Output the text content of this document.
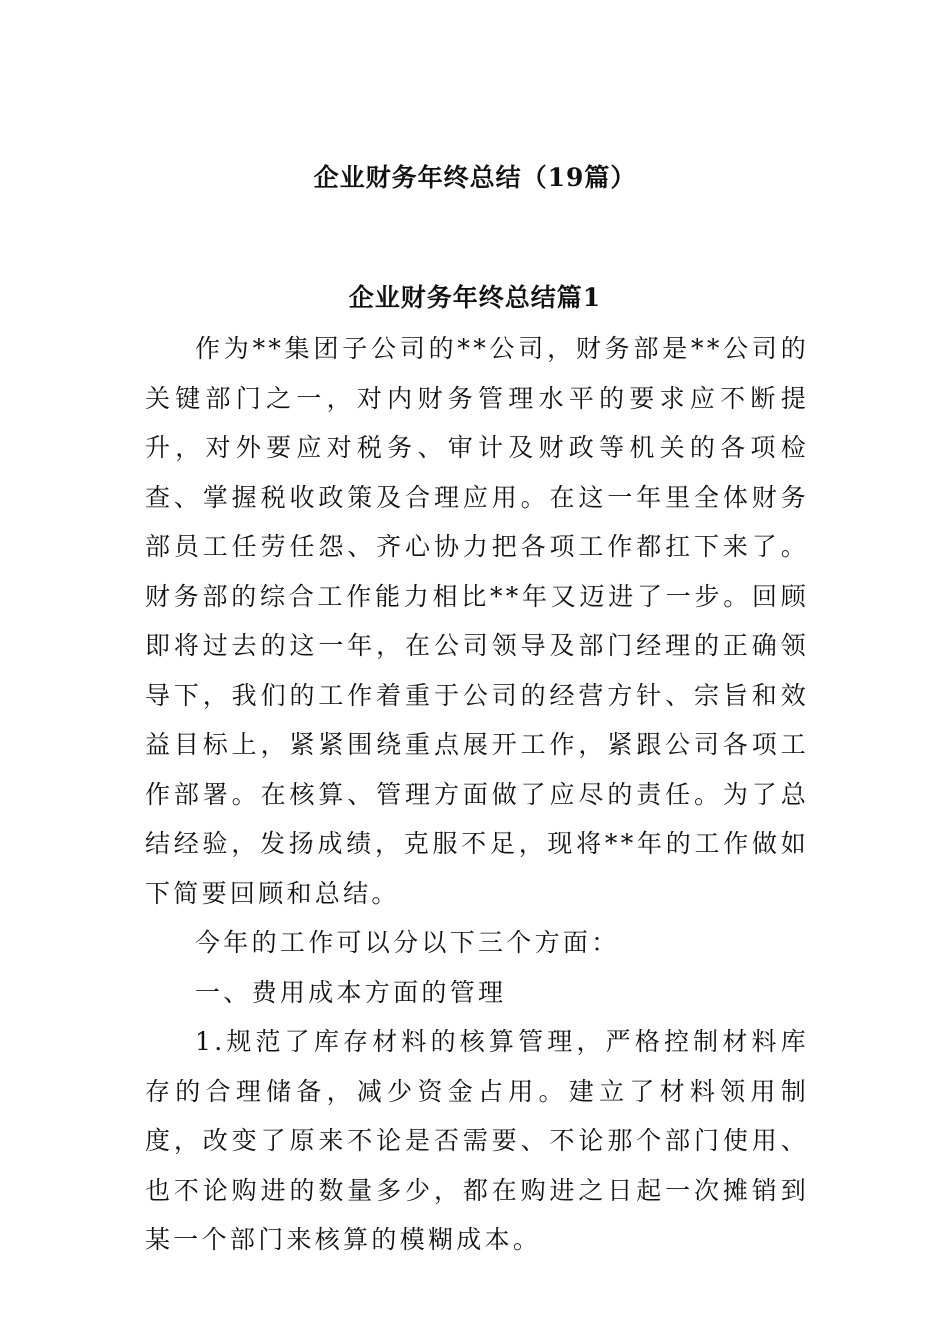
企业财务年终总结（19篇）
企业财务年终总结篇1

作为**集团子公司的**公司，财务部是**公司的关键部门之一，对内财务管理水平的要求应不断提升，对外要应对税务、审计及财政等机关的各项检查、掌握税收政策及合理应用。在这一年里全体财务部员工任劳任怨、齐心协力把各项工作都扛下来了。财务部的综合工作能力相比**年又迈进了一步。回顾即将过去的这一年，在公司领导及部门经理的正确领导下，我们的工作着重于公司的经营方针、宗旨和效益目标上，紧紧围绕重点展开工作，紧跟公司各项工作部署。在核算、管理方面做了应尽的责任。为了总结经验，发扬成绩，克服不足，现将**年的工作做如下简要回顾和总结。

今年的工作可以分以下三个方面：

一、费用成本方面的管理

1.规范了库存材料的核算管理，严格控制材料库存的合理储备，减少资金占用。建立了材料领用制度，改变了原来不论是否需要、不论那个部门使用、也不论购进的数量多少，都在购进之日起一次摊销到某一个部门来核算的模糊成本。
